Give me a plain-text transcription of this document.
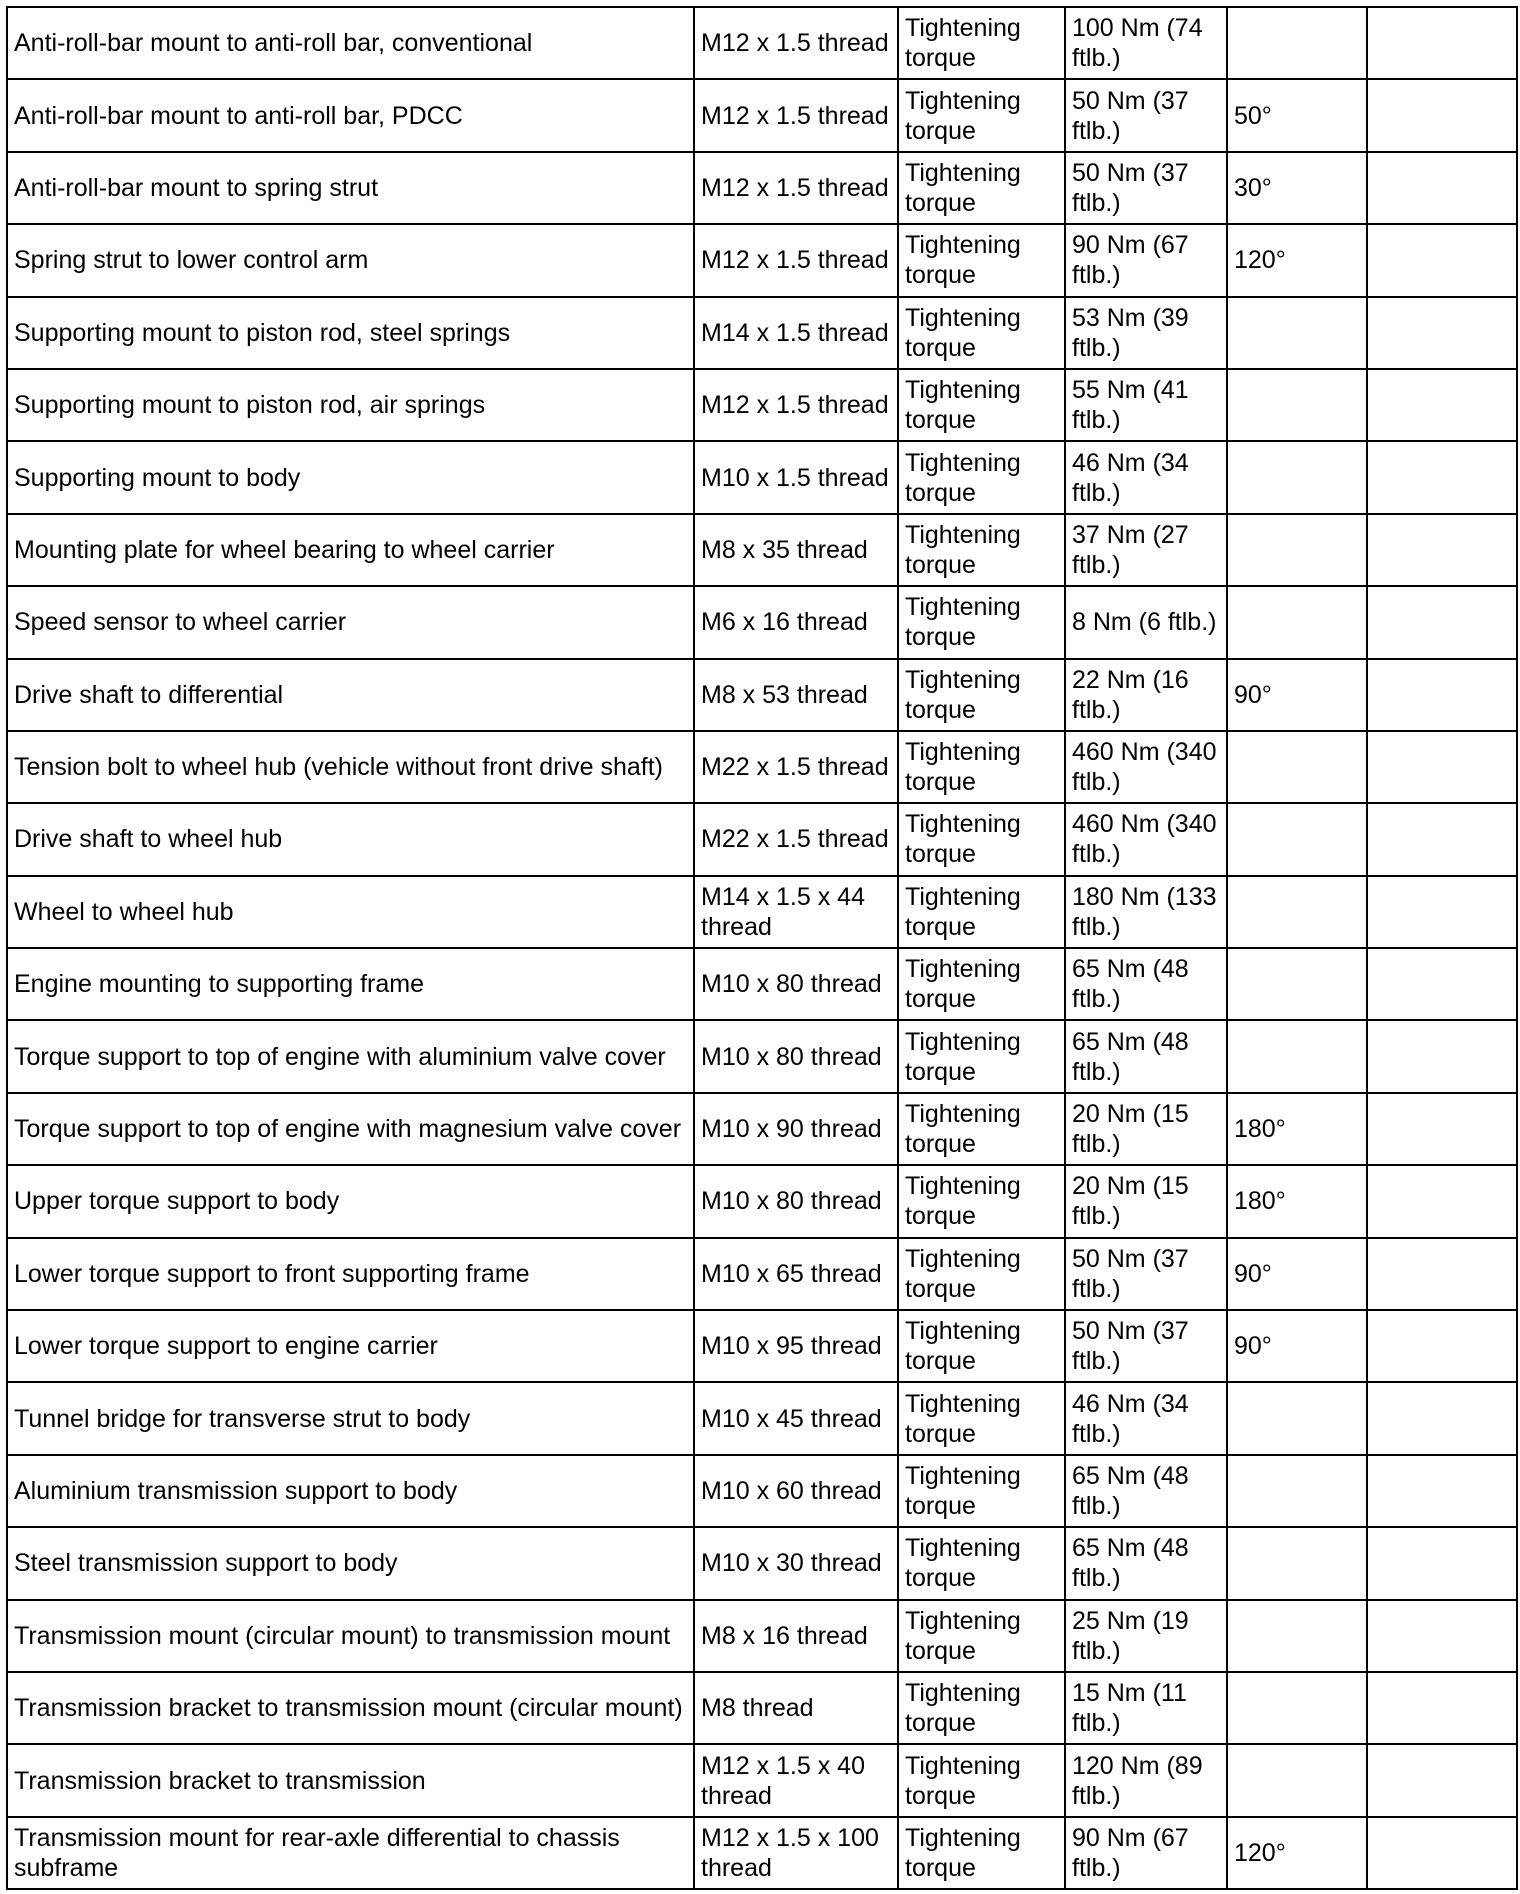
Anti-roll-bar mount to anti-roll bar, conventional	M12 x 1.5 thread	Tightening torque	100 Nm (74 ftlb.)		
Anti-roll-bar mount to anti-roll bar, PDCC	M12 x 1.5 thread	Tightening torque	50 Nm (37 ftlb.)	50°	
Anti-roll-bar mount to spring strut	M12 x 1.5 thread	Tightening torque	50 Nm (37 ftlb.)	30°	
Spring strut to lower control arm	M12 x 1.5 thread	Tightening torque	90 Nm (67 ftlb.)	120°	
Supporting mount to piston rod, steel springs	M14 x 1.5 thread	Tightening torque	53 Nm (39 ftlb.)		
Supporting mount to piston rod, air springs	M12 x 1.5 thread	Tightening torque	55 Nm (41 ftlb.)		
Supporting mount to body	M10 x 1.5 thread	Tightening torque	46 Nm (34 ftlb.)		
Mounting plate for wheel bearing to wheel carrier	M8 x 35 thread	Tightening torque	37 Nm (27 ftlb.)		
Speed sensor to wheel carrier	M6 x 16 thread	Tightening torque	8 Nm (6 ftlb.)		
Drive shaft to differential	M8 x 53 thread	Tightening torque	22 Nm (16 ftlb.)	90°	
Tension bolt to wheel hub (vehicle without front drive shaft)	M22 x 1.5 thread	Tightening torque	460 Nm (340 ftlb.)		
Drive shaft to wheel hub	M22 x 1.5 thread	Tightening torque	460 Nm (340 ftlb.)		
Wheel to wheel hub	M14 x 1.5 x 44 thread	Tightening torque	180 Nm (133 ftlb.)		
Engine mounting to supporting frame	M10 x 80 thread	Tightening torque	65 Nm (48 ftlb.)		
Torque support to top of engine with aluminium valve cover	M10 x 80 thread	Tightening torque	65 Nm (48 ftlb.)		
Torque support to top of engine with magnesium valve cover	M10 x 90 thread	Tightening torque	20 Nm (15 ftlb.)	180°	
Upper torque support to body	M10 x 80 thread	Tightening torque	20 Nm (15 ftlb.)	180°	
Lower torque support to front supporting frame	M10 x 65 thread	Tightening torque	50 Nm (37 ftlb.)	90°	
Lower torque support to engine carrier	M10 x 95 thread	Tightening torque	50 Nm (37 ftlb.)	90°	
Tunnel bridge for transverse strut to body	M10 x 45 thread	Tightening torque	46 Nm (34 ftlb.)		
Aluminium transmission support to body	M10 x 60 thread	Tightening torque	65 Nm (48 ftlb.)		
Steel transmission support to body	M10 x 30 thread	Tightening torque	65 Nm (48 ftlb.)		
Transmission mount (circular mount) to transmission mount	M8 x 16 thread	Tightening torque	25 Nm (19 ftlb.)		
Transmission bracket to transmission mount (circular mount)	M8 thread	Tightening torque	15 Nm (11 ftlb.)		
Transmission bracket to transmission	M12 x 1.5 x 40 thread	Tightening torque	120 Nm (89 ftlb.)		
Transmission mount for rear-axle differential to chassis subframe	M12 x 1.5 x 100 thread	Tightening torque	90 Nm (67 ftlb.)	120°	
